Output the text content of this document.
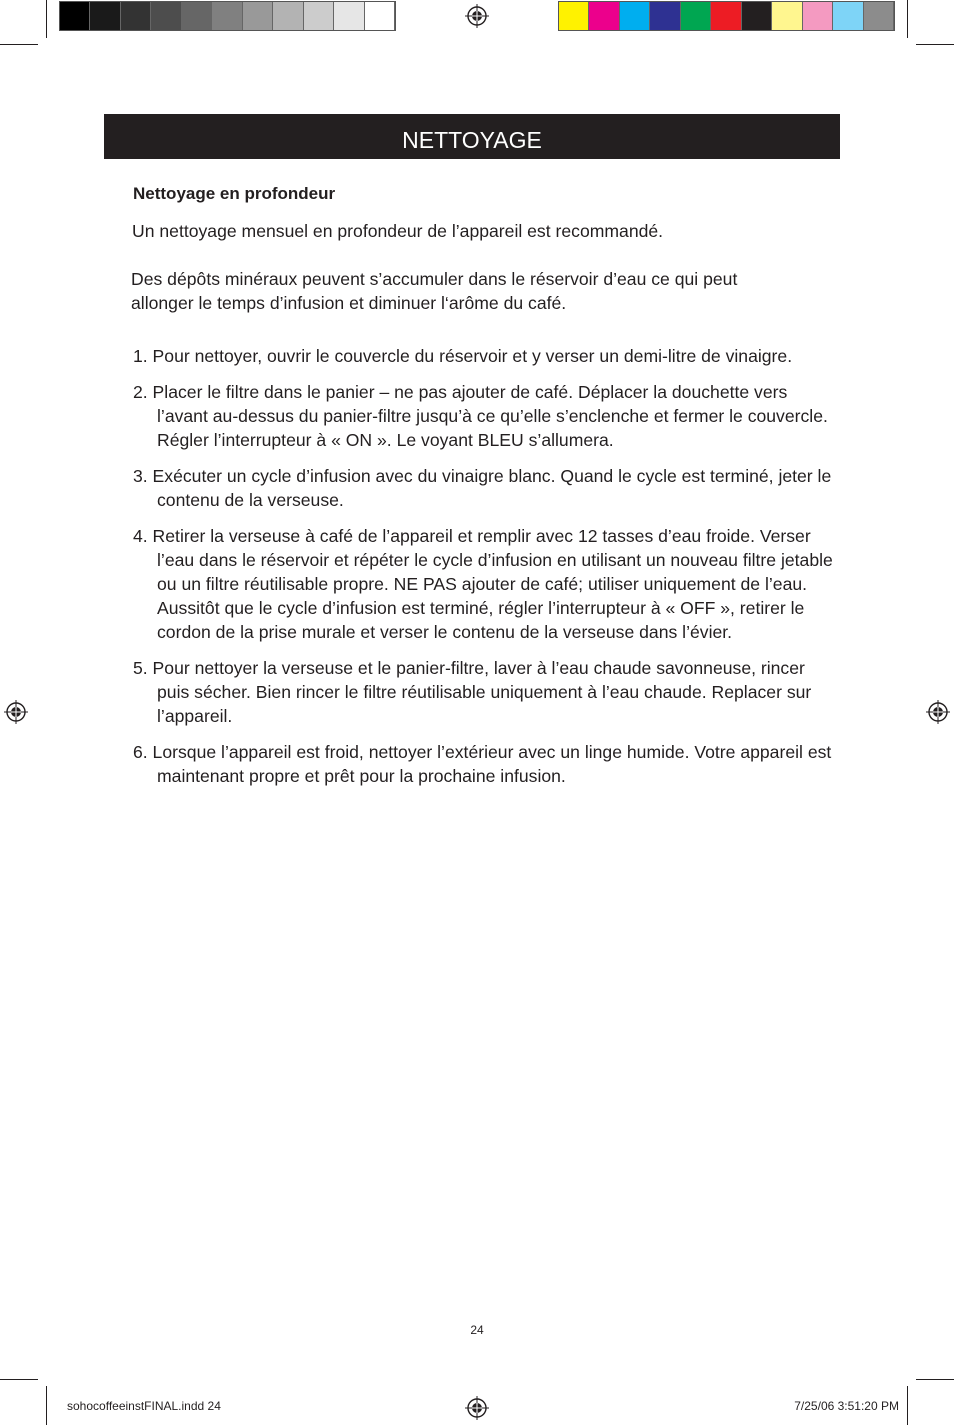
NETTOYAGE
Nettoyage en profondeur
Un nettoyage mensuel en profondeur de l’appareil est recommandé.
Des dépôts minéraux peuvent s’accumuler dans le réservoir d’eau ce qui peut
allonger le temps d’infusion et diminuer l‘arôme du café.
1. Pour nettoyer, ouvrir le couvercle du réservoir et y verser un demi-litre de vinaigre.
2. Placer le filtre dans le panier – ne pas ajouter de café. Déplacer la douchette vers l’avant au-dessus du panier-filtre jusqu’à ce qu’elle s’enclenche et fermer le couvercle. Régler l’interrupteur à « ON ». Le voyant BLEU s’allumera.
3. Exécuter un cycle d’infusion avec du vinaigre blanc. Quand le cycle est terminé, jeter le contenu de la verseuse.
4. Retirer la verseuse à café de l’appareil et remplir avec 12 tasses d’eau froide. Verser l’eau dans le réservoir et répéter le cycle d’infusion en utilisant un nouveau filtre jetable ou un filtre réutilisable propre. NE PAS ajouter de café; utiliser uniquement de l’eau. Aussitôt que le cycle d’infusion est terminé, régler l’interrupteur à « OFF », retirer le cordon de la prise murale et verser le contenu de la verseuse dans l’évier.
5. Pour nettoyer la verseuse et le panier-filtre, laver à l’eau chaude savonneuse, rincer puis sécher. Bien rincer le filtre réutilisable uniquement à l’eau chaude. Replacer sur l’appareil.
6. Lorsque l’appareil est froid, nettoyer l’extérieur avec un linge humide. Votre appareil est maintenant propre et prêt pour la prochaine infusion.
24
sohocoffeeinstFINAL.indd 24	7/25/06 3:51:20 PM
